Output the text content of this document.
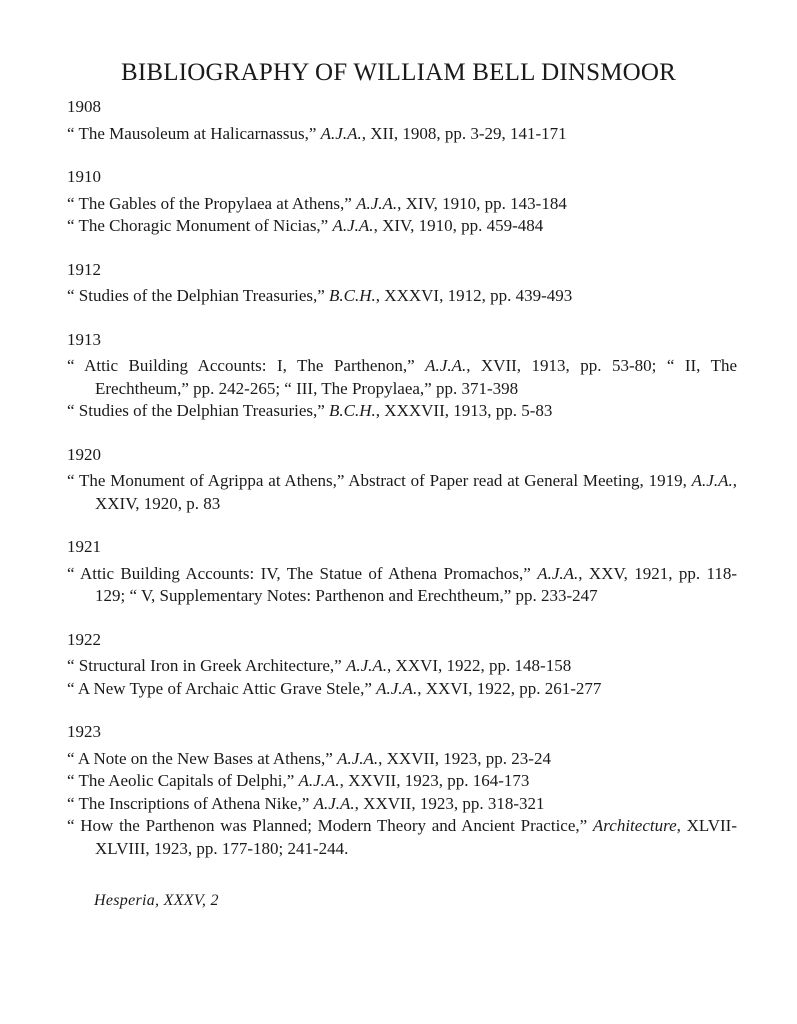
BIBLIOGRAPHY OF WILLIAM BELL DINSMOOR
1908

“ The Mausoleum at Halicarnassus,” A.J.A., XII, 1908, pp. 3-29, 141-171

1910

“ The Gables of the Propylaea at Athens,” A.J.A., XIV, 1910, pp. 143-184

“ The Choragic Monument of Nicias,” A.J.A., XIV, 1910, pp. 459-484

1912

“ Studies of the Delphian Treasuries,” B.C.H., XXXVI, 1912, pp. 439-493

1913

“ Attic Building Accounts: I, The Parthenon,” A.J.A., XVII, 1913, pp. 53-80; “ II, The Erechtheum,” pp. 242-265; “ III, The Propylaea,” pp. 371-398

“ Studies of the Delphian Treasuries,” B.C.H., XXXVII, 1913, pp. 5-83

1920

“ The Monument of Agrippa at Athens,” Abstract of Paper read at General Meeting, 1919, A.J.A., XXIV, 1920, p. 83

1921

“ Attic Building Accounts: IV, The Statue of Athena Promachos,” A.J.A., XXV, 1921, pp. 118-129; “ V, Supplementary Notes: Parthenon and Erechtheum,” pp. 233-247

1922

“ Structural Iron in Greek Architecture,” A.J.A., XXVI, 1922, pp. 148-158

“ A New Type of Archaic Attic Grave Stele,” A.J.A., XXVI, 1922, pp. 261-277

1923

“ A Note on the New Bases at Athens,” A.J.A., XXVII, 1923, pp. 23-24

“ The Aeolic Capitals of Delphi,” A.J.A., XXVII, 1923, pp. 164-173

“ The Inscriptions of Athena Nike,” A.J.A., XXVII, 1923, pp. 318-321

“ How the Parthenon was Planned; Modern Theory and Ancient Practice,” Architecture, XLVII-XLVIII, 1923, pp. 177-180; 241-244.

Hesperia, XXXV, 2
